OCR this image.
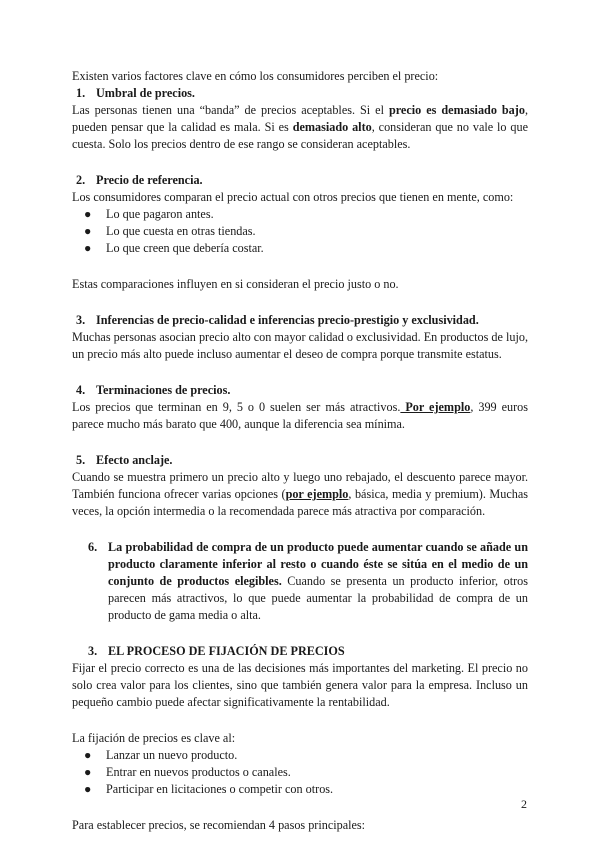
Existen varios factores clave en cómo los consumidores perciben el precio:

1. Umbral de precios.

Las personas tienen una “banda” de precios aceptables. Si el precio es demasiado bajo, pueden pensar que la calidad es mala. Si es demasiado alto, consideran que no vale lo que cuesta. Solo los precios dentro de ese rango se consideran aceptables.

2. Precio de referencia.

Los consumidores comparan el precio actual con otros precios que tienen en mente, como:

● Lo que pagaron antes.
● Lo que cuesta en otras tiendas.
● Lo que creen que debería costar.

Estas comparaciones influyen en si consideran el precio justo o no.

3. Inferencias de precio-calidad e inferencias precio-prestigio y exclusividad.

Muchas personas asocian precio alto con mayor calidad o exclusividad. En productos de lujo, un precio más alto puede incluso aumentar el deseo de compra porque transmite estatus.

4. Terminaciones de precios.

Los precios que terminan en 9, 5 o 0 suelen ser más atractivos. Por ejemplo, 399 euros parece mucho más barato que 400, aunque la diferencia sea mínima.

5. Efecto anclaje.

Cuando se muestra primero un precio alto y luego uno rebajado, el descuento parece mayor. También funciona ofrecer varias opciones (por ejemplo, básica, media y premium). Muchas veces, la opción intermedia o la recomendada parece más atractiva por comparación.

6. La probabilidad de compra de un producto puede aumentar cuando se añade un producto claramente inferior al resto o cuando éste se sitúa en el medio de un conjunto de productos elegibles. Cuando se presenta un producto inferior, otros parecen más atractivos, lo que puede aumentar la probabilidad de compra de un producto de gama media o alta.
3. EL PROCESO DE FIJACIÓN DE PRECIOS

Fijar el precio correcto es una de las decisiones más importantes del marketing. El precio no solo crea valor para los clientes, sino que también genera valor para la empresa. Incluso un pequeño cambio puede afectar significativamente la rentabilidad.

La fijación de precios es clave al:

● Lanzar un nuevo producto.
● Entrar en nuevos productos o canales.
● Participar en licitaciones o competir con otros.

Para establecer precios, se recomiendan 4 pasos principales:

2
